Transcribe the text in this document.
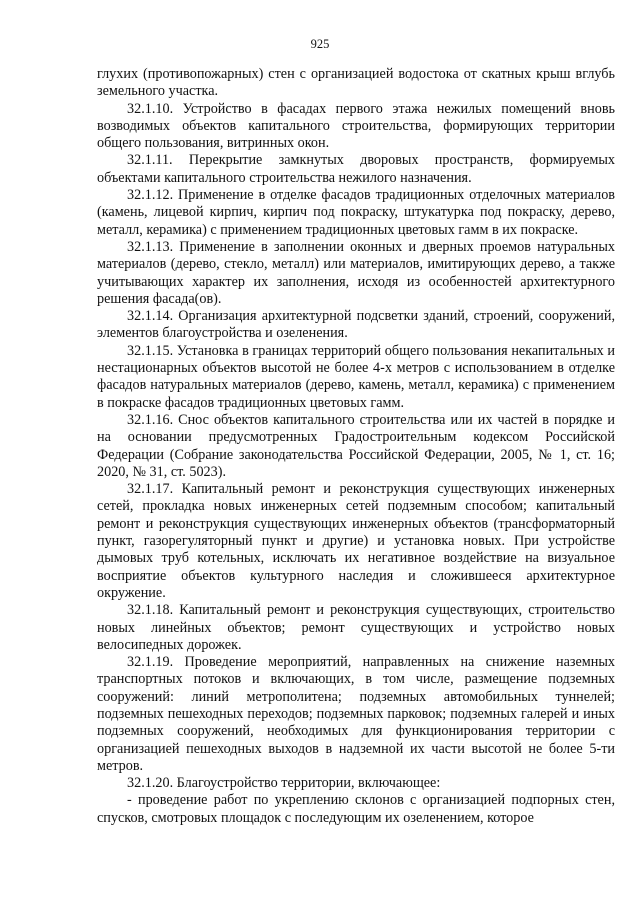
925

глухих (противопожарных) стен с организацией водостока от скатных крыш вглубь земельного участка.

32.1.10. Устройство в фасадах первого этажа нежилых помещений вновь возводимых объектов капитального строительства, формирующих территории общего пользования, витринных окон.

32.1.11. Перекрытие замкнутых дворовых пространств, формируемых объектами капитального строительства нежилого назначения.

32.1.12. Применение в отделке фасадов традиционных отделочных материалов (камень, лицевой кирпич, кирпич под покраску, штукатурка под покраску, дерево, металл, керамика) с применением традиционных цветовых гамм в их покраске.

32.1.13. Применение в заполнении оконных и дверных проемов натуральных материалов (дерево, стекло, металл) или материалов, имитирующих дерево, а также учитывающих характер их заполнения, исходя из особенностей архитектурного решения фасада(ов).

32.1.14. Организация архитектурной подсветки зданий, строений, сооружений, элементов благоустройства и озеленения.

32.1.15. Установка в границах территорий общего пользования некапитальных и нестационарных объектов высотой не более 4-х метров с использованием в отделке фасадов натуральных материалов (дерево, камень, металл, керамика) с применением в покраске фасадов традиционных цветовых гамм.

32.1.16. Снос объектов капитального строительства или их частей в порядке и на основании предусмотренных Градостроительным кодексом Российской Федерации (Собрание законодательства Российской Федерации, 2005, № 1, ст. 16; 2020, № 31, ст. 5023).

32.1.17. Капитальный ремонт и реконструкция существующих инженерных сетей, прокладка новых инженерных сетей подземным способом; капитальный ремонт и реконструкция существующих инженерных объектов (трансформаторный пункт, газорегуляторный пункт и другие) и установка новых. При устройстве дымовых труб котельных, исключать их негативное воздействие на визуальное восприятие объектов культурного наследия и сложившееся архитектурное окружение.

32.1.18. Капитальный ремонт и реконструкция существующих, строительство новых линейных объектов; ремонт существующих и устройство новых велосипедных дорожек.

32.1.19. Проведение мероприятий, направленных на снижение наземных транспортных потоков и включающих, в том числе, размещение подземных сооружений: линий метрополитена; подземных автомобильных туннелей; подземных пешеходных переходов; подземных парковок; подземных галерей и иных подземных сооружений, необходимых для функционирования территории с организацией пешеходных выходов в надземной их части высотой не более 5-ти метров.

32.1.20. Благоустройство территории, включающее:

- проведение работ по укреплению склонов с организацией подпорных стен, спусков, смотровых площадок с последующим их озеленением, которое
